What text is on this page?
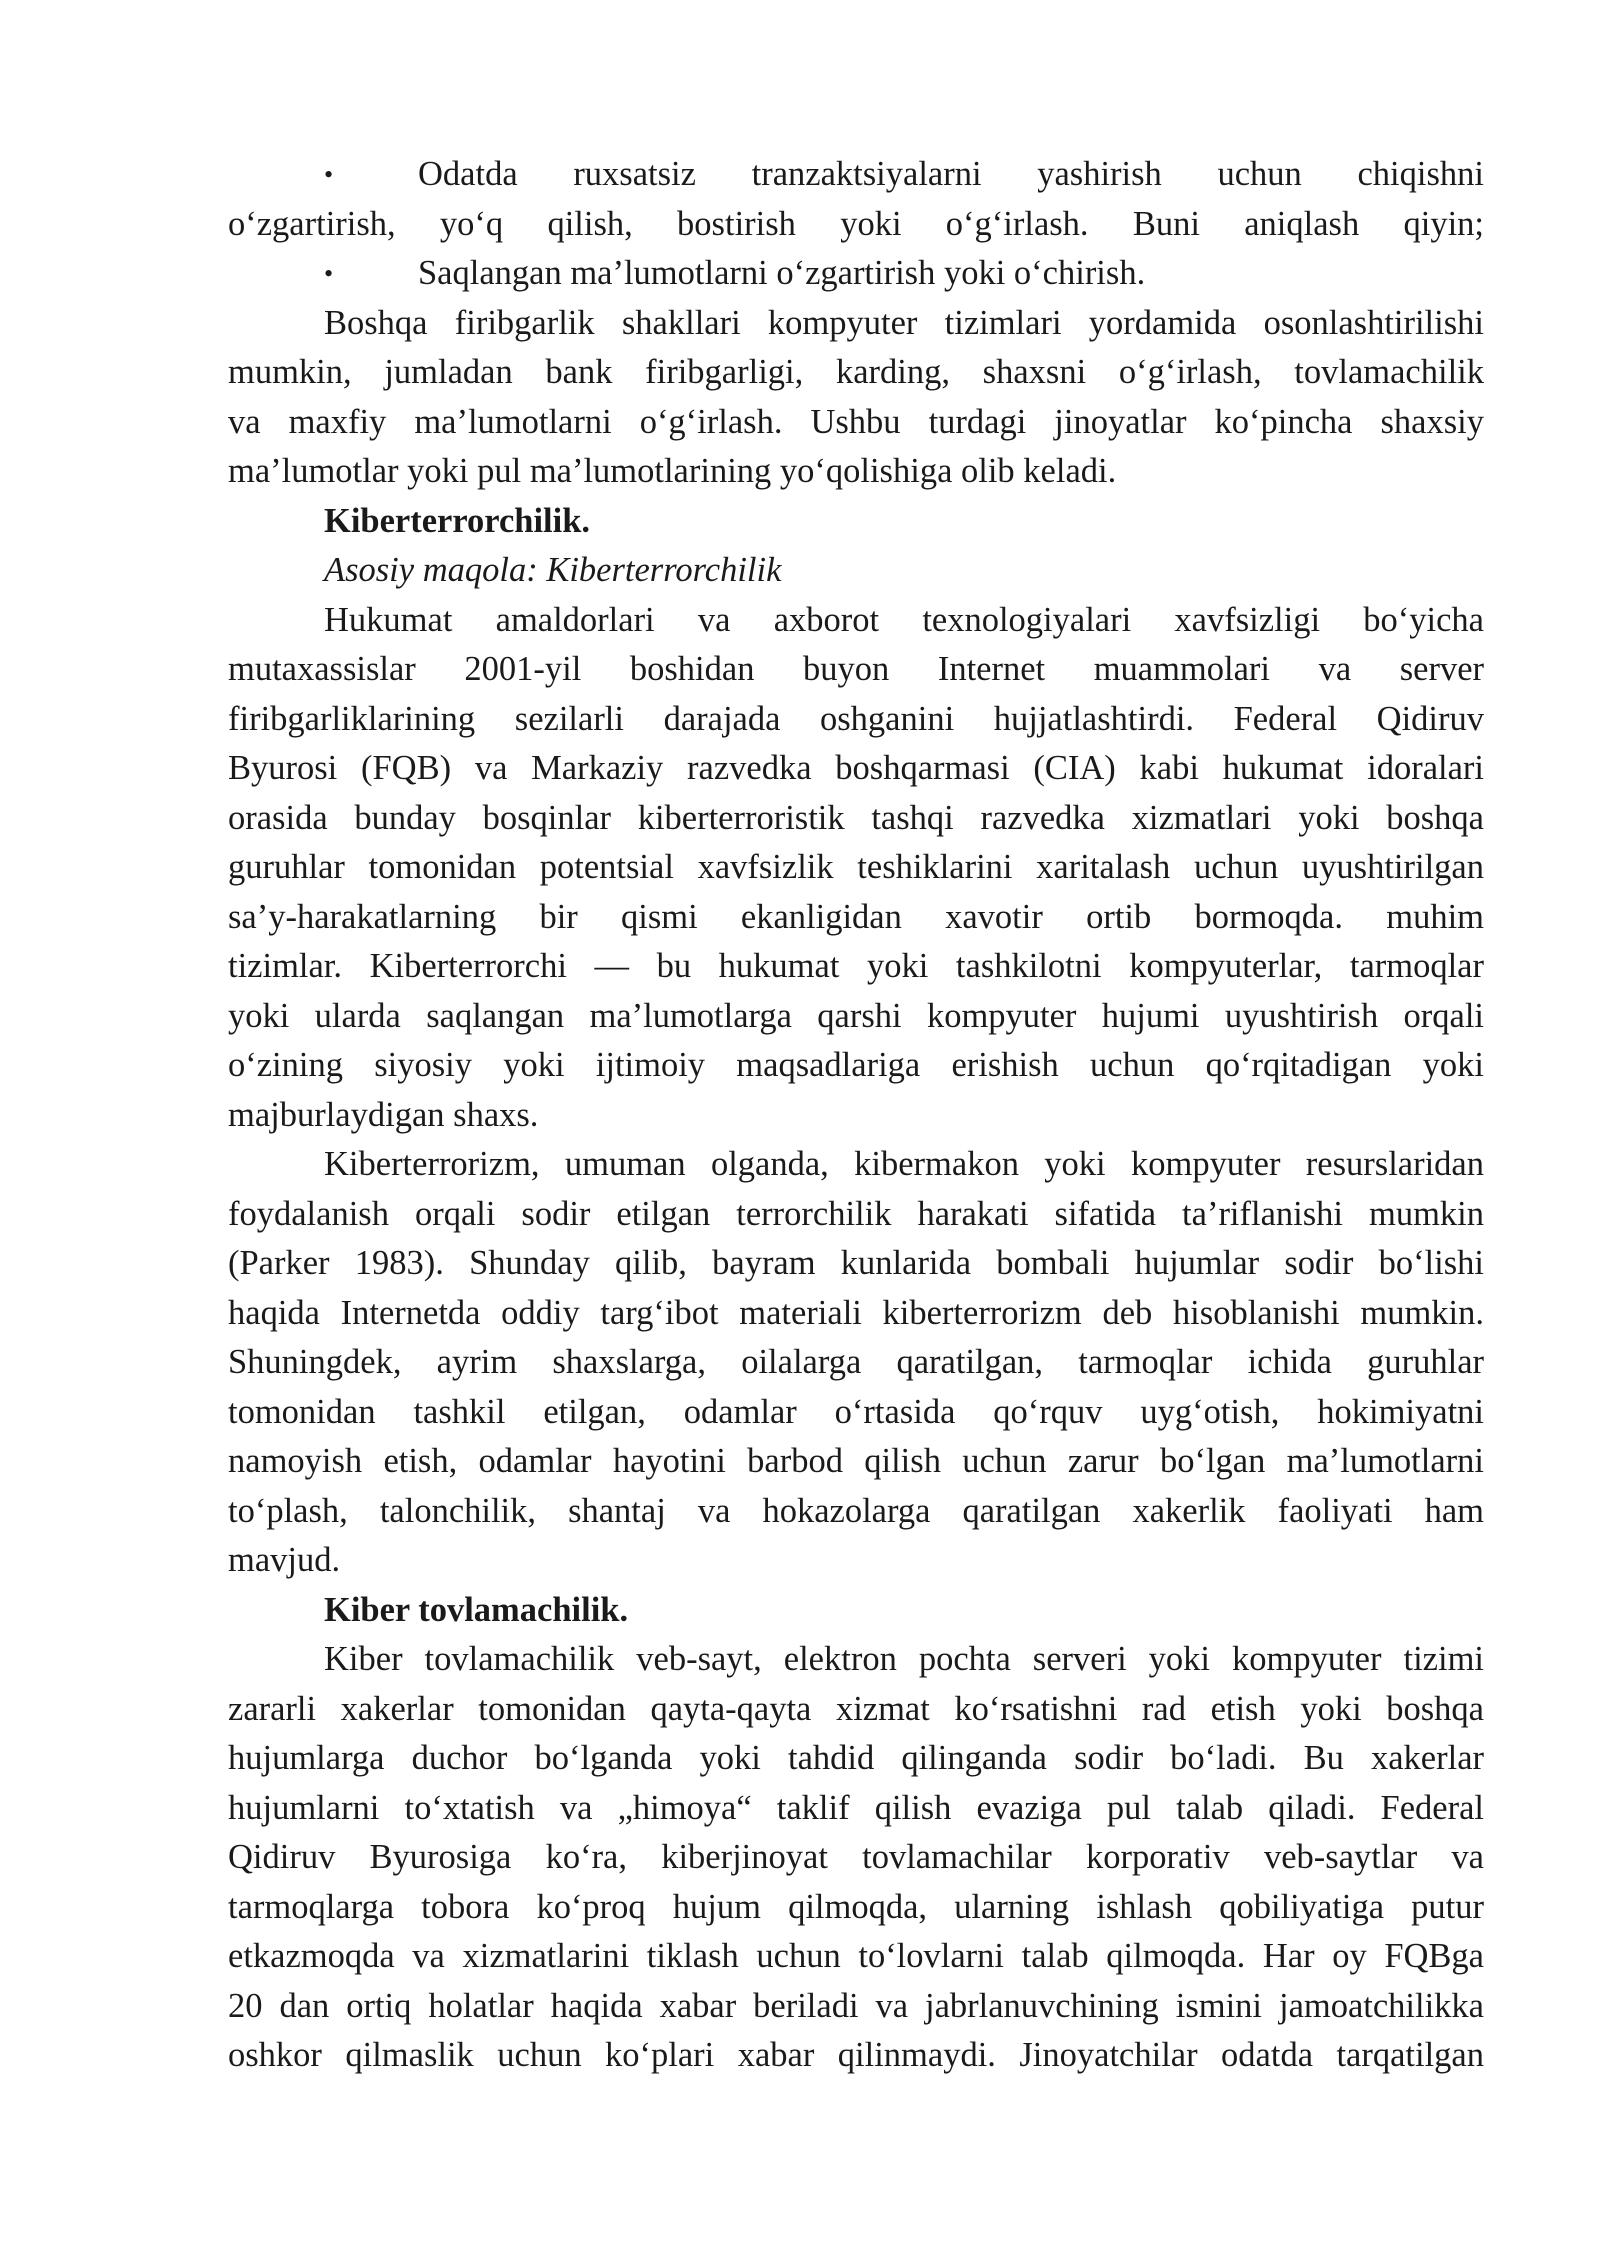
• Odatda ruxsatsiz tranzaktsiyalarni yashirish uchun chiqishni
o‘zgartirish, yo‘q qilish, bostirish yoki o‘g‘irlash. Buni aniqlash qiyin;
• Saqlangan ma’lumotlarni o‘zgartirish yoki o‘chirish.
Boshqa firibgarlik shakllari kompyuter tizimlari yordamida osonlashtirilishi
mumkin, jumladan bank firibgarligi, karding, shaxsni o‘g‘irlash, tovlamachilik
va maxfiy ma’lumotlarni o‘g‘irlash. Ushbu turdagi jinoyatlar ko‘pincha shaxsiy
ma’lumotlar yoki pul ma’lumotlarining yo‘qolishiga olib keladi.
Kiberterrorchilik.
Asosiy maqola: Kiberterrorchilik
Hukumat amaldorlari va axborot texnologiyalari xavfsizligi bo‘yicha
mutaxassislar 2001-yil boshidan buyon Internet muammolari va server
firibgarliklarining sezilarli darajada oshganini hujjatlashtirdi. Federal Qidiruv
Byurosi (FQB) va Markaziy razvedka boshqarmasi (CIA) kabi hukumat idoralari
orasida bunday bosqinlar kiberterroristik tashqi razvedka xizmatlari yoki boshqa
guruhlar tomonidan potentsial xavfsizlik teshiklarini xaritalash uchun uyushtirilgan
sa’y-harakatlarning bir qismi ekanligidan xavotir ortib bormoqda. muhim
tizimlar. Kiberterrorchi — bu hukumat yoki tashkilotni kompyuterlar, tarmoqlar
yoki ularda saqlangan ma’lumotlarga qarshi kompyuter hujumi uyushtirish orqali
o‘zining siyosiy yoki ijtimoiy maqsadlariga erishish uchun qo‘rqitadigan yoki
majburlaydigan shaxs.
Kiberterrorizm, umuman olganda, kibermakon yoki kompyuter resurslaridan
foydalanish orqali sodir etilgan terrorchilik harakati sifatida ta’riflanishi mumkin
(Parker 1983). Shunday qilib, bayram kunlarida bombali hujumlar sodir bo‘lishi
haqida Internetda oddiy targ‘ibot materiali kiberterrorizm deb hisoblanishi mumkin.
Shuningdek, ayrim shaxslarga, oilalarga qaratilgan, tarmoqlar ichida guruhlar
tomonidan tashkil etilgan, odamlar o‘rtasida qo‘rquv uyg‘otish, hokimiyatni
namoyish etish, odamlar hayotini barbod qilish uchun zarur bo‘lgan ma’lumotlarni
to‘plash, talonchilik, shantaj va hokazolarga qaratilgan xakerlik faoliyati ham
mavjud.
Kiber tovlamachilik.
Kiber tovlamachilik veb-sayt, elektron pochta serveri yoki kompyuter tizimi
zararli xakerlar tomonidan qayta-qayta xizmat ko‘rsatishni rad etish yoki boshqa
hujumlarga duchor bo‘lganda yoki tahdid qilinganda sodir bo‘ladi. Bu xakerlar
hujumlarni to‘xtatish va „himoya“ taklif qilish evaziga pul talab qiladi. Federal
Qidiruv Byurosiga ko‘ra, kiberjinoyat tovlamachilar korporativ veb-saytlar va
tarmoqlarga tobora ko‘proq hujum qilmoqda, ularning ishlash qobiliyatiga putur
etkazmoqda va xizmatlarini tiklash uchun to‘lovlarni talab qilmoqda. Har oy FQBga
20 dan ortiq holatlar haqida xabar beriladi va jabrlanuvchining ismini jamoatchilikka
oshkor qilmaslik uchun ko‘plari xabar qilinmaydi. Jinoyatchilar odatda tarqatilgan
